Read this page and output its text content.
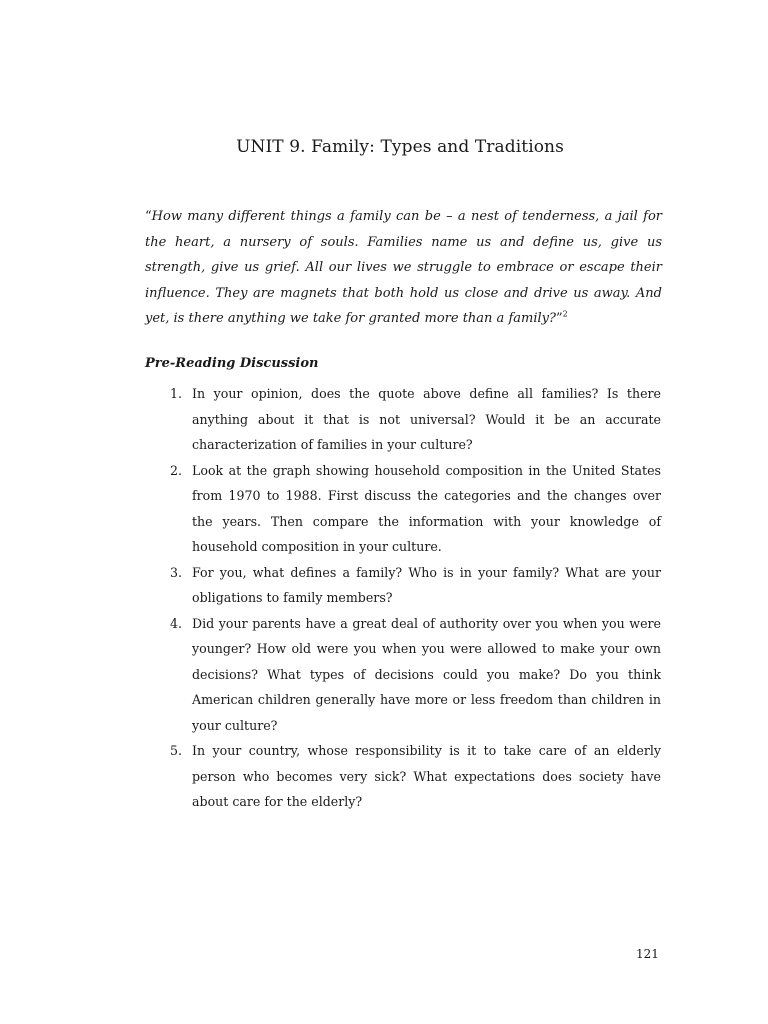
UNIT 9. Family: Types and Traditions

“How many different things a family can be – a nest of tenderness, a jail for the heart, a nursery of souls. Families name us and define us, give us strength, give us grief. All our lives we struggle to embrace or escape their influence. They are magnets that both hold us close and drive us away. And yet, is there anything we take for granted more than a family?”$^2$

Pre-Reading Discussion
1. In your opinion, does the quote above define all families? Is there anything about it that is not universal? Would it be an accurate characterization of families in your culture?
2. Look at the graph showing household composition in the United States from 1970 to 1988. First discuss the categories and the changes over the years. Then compare the information with your knowledge of household composition in your culture.
3. For you, what defines a family? Who is in your family? What are your obligations to family members?
4. Did your parents have a great deal of authority over you when you were younger? How old were you when you were allowed to make your own decisions? What types of decisions could you make? Do you think American children generally have more or less freedom than children in your culture?
5. In your country, whose responsibility is it to take care of an elderly person who becomes very sick? What expectations does society have about care for the elderly?
121
